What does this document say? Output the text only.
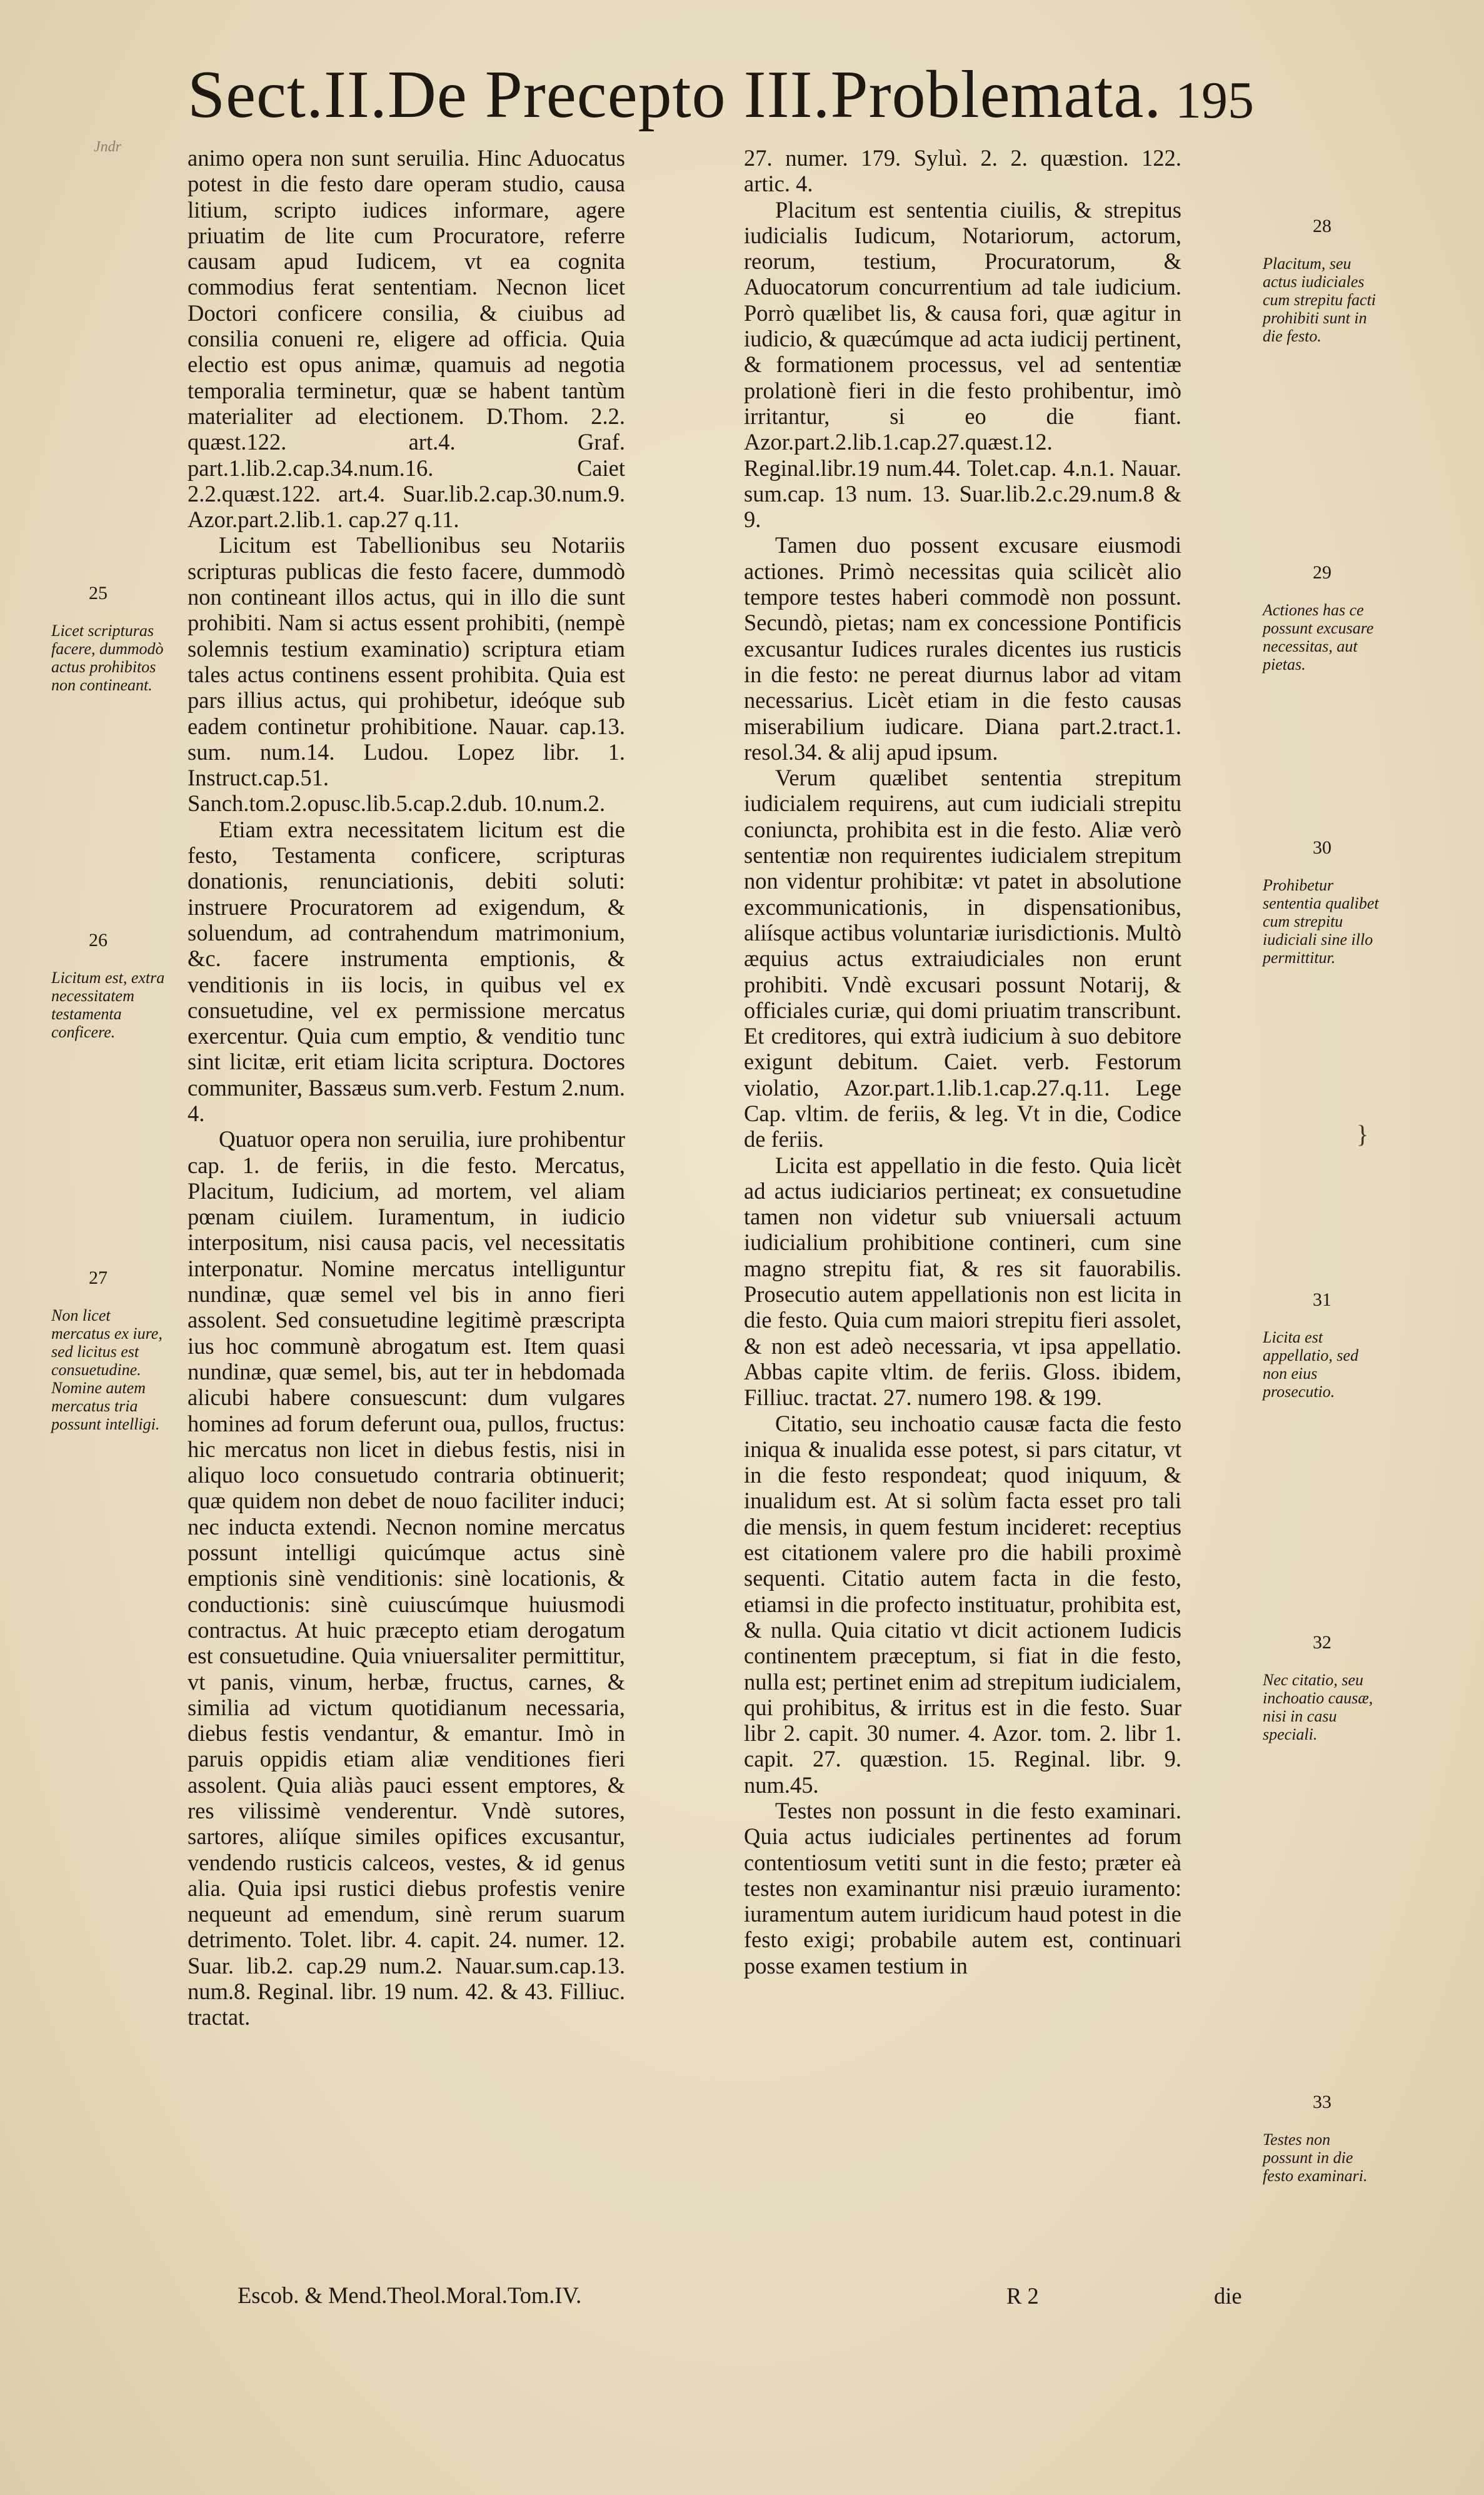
J​ndr
Sect.II.De Precepto III.Problemata. 195

animo opera non sunt seruilia. Hinc Aduocatus potest in die festo dare operam studio, causa litium, scripto iudices informare, agere priuatim de lite cum Procuratore, referre causam apud Iudicem, vt ea cognita commodius ferat sententiam. Necnon licet Doctori conficere consilia, & ciuibus ad consilia conueni re, eligere ad officia. Quia electio est opus animæ, quamuis ad negotia temporalia terminetur, quæ se habent tantùm materialiter ad electionem. D.Thom. 2.2. quæst.122. art.4. Graf. part.1.lib.2.cap.34.num.16. Caiet 2.2.quæst.122. art.4. Suar.lib.2.cap.30.num.9. Azor.part.2.lib.1. cap.27 q.11.

Licitum est Tabellionibus seu Notariis scripturas publicas die festo facere, dummodò non contineant illos actus, qui in illo die sunt prohibiti. Nam si actus essent prohibiti, (nempè solemnis testium examinatio) scriptura etiam tales actus continens essent prohibita. Quia est pars illius actus, qui prohibetur, ideóque sub eadem continetur prohibitione. Nauar. cap.13. sum. num.14. Ludou. Lopez libr. 1. Instruct.cap.51. Sanch.tom.2.opusc.lib.5.cap.2.dub. 10.num.2.

Etiam extra necessitatem licitum est die festo, Testamenta conficere, scripturas donationis, renunciationis, debiti soluti: instruere Procuratorem ad exigendum, & soluendum, ad contrahendum matrimonium, &c. facere instrumenta emptionis, & venditionis in iis locis, in quibus vel ex consuetudine, vel ex permissione mercatus exercentur. Quia cum emptio, & venditio tunc sint licitæ, erit etiam licita scriptura. Doctores communiter, Bassæus sum.verb. Festum 2.num. 4.

Quatuor opera non seruilia, iure prohibentur cap. 1. de feriis, in die festo. Mercatus, Placitum, Iudicium, ad mortem, vel aliam pœnam ciuilem. Iuramentum, in iudicio interpositum, nisi causa pacis, vel necessitatis interponatur. Nomine mercatus intelliguntur nundinæ, quæ semel vel bis in anno fieri assolent. Sed consuetudine legitimè præscripta ius hoc communè abrogatum est. Item quasi nundinæ, quæ semel, bis, aut ter in hebdomada alicubi habere consuescunt: dum vulgares homines ad forum deferunt oua, pullos, fructus: hic mercatus non licet in diebus festis, nisi in aliquo loco consuetudo contraria obtinuerit; quæ quidem non debet de nouo faciliter induci; nec inducta extendi. Necnon nomine mercatus possunt intelligi quicúmque actus sinè emptionis sinè venditionis: sinè locationis, & conductionis: sinè cuiuscúmque huiusmodi contractus. At huic præcepto etiam derogatum est consuetudine. Quia vniuersaliter permittitur, vt panis, vinum, herbæ, fructus, carnes, & similia ad victum quotidianum necessaria, diebus festis vendantur, & emantur. Imò in paruis oppidis etiam aliæ venditiones fieri assolent. Quia aliàs pauci essent emptores, & res vilissimè venderentur. Vndè sutores, sartores, aliíque similes opifices excusantur, vendendo rusticis calceos, vestes, & id genus alia. Quia ipsi rustici diebus profestis venire nequeunt ad emendum, sinè rerum suarum detrimento. Tolet. libr. 4. capit. 24. numer. 12. Suar. lib.2. cap.29 num.2. Nauar.sum.cap.13. num.8. Reginal. libr. 19 num. 42. & 43. Filliuc. tractat.

27. numer. 179. Syluì. 2. 2. quæstion. 122. artic. 4.

Placitum est sententia ciuilis, & strepitus iudicialis Iudicum, Notariorum, actorum, reorum, testium, Procuratorum, & Aduocatorum concurrentium ad tale iudicium. Porrò quælibet lis, & causa fori, quæ agitur in iudicio, & quæcúmque ad acta iudicij pertinent, & formationem processus, vel ad sententiæ prolationè fieri in die festo prohibentur, imò irritantur, si eo die fiant. Azor.part.2.lib.1.cap.27.quæst.12. Reginal.libr.19 num.44. Tolet.cap. 4.n.1. Nauar. sum.cap. 13 num. 13. Suar.lib.2.c.29.num.8 & 9.

Tamen duo possent excusare eiusmodi actiones. Primò necessitas quia scilicèt alio tempore testes haberi commodè non possunt. Secundò, pietas; nam ex concessione Pontificis excusantur Iudices rurales dicentes ius rusticis in die festo: ne pereat diurnus labor ad vitam necessarius. Licèt etiam in die festo causas miserabilium iudicare. Diana part.2.tract.1. resol.34. & alij apud ipsum.

Verum quælibet sententia strepitum iudicialem requirens, aut cum iudiciali strepitu coniuncta, prohibita est in die festo. Aliæ verò sententiæ non requirentes iudicialem strepitum non videntur prohibitæ: vt patet in absolutione excommunicationis, in dispensationibus, aliísque actibus voluntariæ iurisdictionis. Multò æquius actus extraiudiciales non erunt prohibiti. Vndè excusari possunt Notarij, & officiales curiæ, qui domi priuatim transcribunt. Et creditores, qui extrà iudicium à suo debitore exigunt debitum. Caiet. verb. Festorum violatio, Azor.part.1.lib.1.cap.27.q.11. Lege Cap. vltim. de feriis, & leg. Vt in die, Codice de feriis.

Licita est appellatio in die festo. Quia licèt ad actus iudiciarios pertineat; ex consuetudine tamen non videtur sub vniuersali actuum iudicialium prohibitione contineri, cum sine magno strepitu fiat, & res sit fauorabilis. Prosecutio autem appellationis non est licita in die festo. Quia cum maiori strepitu fieri assolet, & non est adeò necessaria, vt ipsa appellatio. Abbas capite vltim. de feriis. Gloss. ibidem, Filliuc. tractat. 27. numero 198. & 199.

Citatio, seu inchoatio causæ facta die festo iniqua & inualida esse potest, si pars citatur, vt in die festo respondeat; quod iniquum, & inualidum est. At si solùm facta esset pro tali die mensis, in quem festum incideret: receptius est citationem valere pro die habili proximè sequenti. Citatio autem facta in die festo, etiamsi in die profecto instituatur, prohibita est, & nulla. Quia citatio vt dicit actionem Iudicis continentem præceptum, si fiat in die festo, nulla est; pertinet enim ad strepitum iudicialem, qui prohibitus, & irritus est in die festo. Suar libr 2. capit. 30 numer. 4. Azor. tom. 2. libr 1. capit. 27. quæstion. 15. Reginal. libr. 9. num.45.

Testes non possunt in die festo examinari. Quia actus iudiciales pertinentes ad forum contentiosum vetiti sunt in die festo; præter eà testes non examinantur nisi præuio iuramento: iuramentum autem iuridicum haud potest in die festo exigi; probabile autem est, continuari posse examen testium in

25

Licet scripturas facere, dummodò actus prohibitos non contineant.

26

Licitum est, extra necessitatem testamenta conficere.

27

Non licet mercatus ex iure, sed licitus est consuetudine. Nomine autem mercatus tria possunt intelligi.

28

Placitum, seu actus iudiciales cum strepitu facti prohibiti sunt in die festo.

29

Actiones has ce possunt excusare necessitas, aut pietas.

30

Prohibetur sententia qualibet cum strepitu iudiciali sine illo permittitur.

31

Licita est appellatio, sed non eius prosecutio.

32

Nec citatio, seu inchoatio causæ, nisi in casu speciali.

33

Testes non possunt in die festo examinari.

}
Escob. & Mend.Theol.Moral.Tom.IV.	R 2	die
